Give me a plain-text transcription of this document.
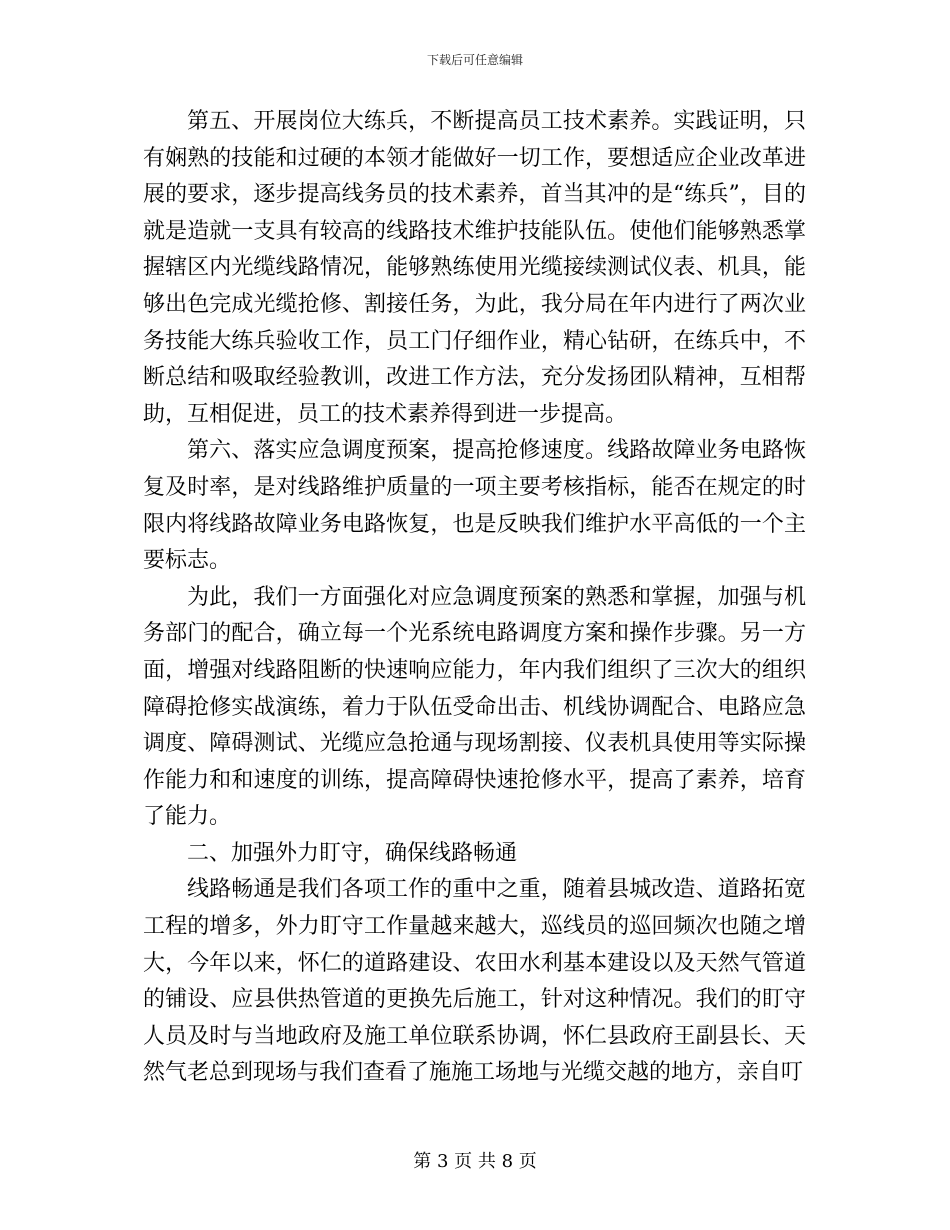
下载后可任意编辑

第五、开展岗位大练兵，不断提高员工技术素养。实践证明，只有娴熟的技能和过硬的本领才能做好一切工作，要想适应企业改革进展的要求，逐步提高线务员的技术素养，首当其冲的是“练兵”，目的就是造就一支具有较高的线路技术维护技能队伍。使他们能够熟悉掌握辖区内光缆线路情况，能够熟练使用光缆接续测试仪表、机具，能够出色完成光缆抢修、割接任务，为此，我分局在年内进行了两次业务技能大练兵验收工作，员工门仔细作业，精心钻研，在练兵中，不断总结和吸取经验教训，改进工作方法，充分发扬团队精神，互相帮助，互相促进，员工的技术素养得到进一步提高。

第六、落实应急调度预案，提高抢修速度。线路故障业务电路恢复及时率，是对线路维护质量的一项主要考核指标，能否在规定的时限内将线路故障业务电路恢复，也是反映我们维护水平高低的一个主要标志。

为此，我们一方面强化对应急调度预案的熟悉和掌握，加强与机务部门的配合，确立每一个光系统电路调度方案和操作步骤。另一方面，增强对线路阻断的快速响应能力，年内我们组织了三次大的组织障碍抢修实战演练，着力于队伍受命出击、机线协调配合、电路应急调度、障碍测试、光缆应急抢通与现场割接、仪表机具使用等实际操作能力和和速度的训练，提高障碍快速抢修水平，提高了素养，培育了能力。

二、加强外力盯守，确保线路畅通

线路畅通是我们各项工作的重中之重，随着县城改造、道路拓宽工程的增多，外力盯守工作量越来越大，巡线员的巡回频次也随之增大，今年以来，怀仁的道路建设、农田水利基本建设以及天然气管道的铺设、应县供热管道的更换先后施工，针对这种情况。我们的盯守人员及时与当地政府及施工单位联系协调，怀仁县政府王副县长、天然气老总到现场与我们查看了施施工场地与光缆交越的地方，亲自叮

第 3 页 共 8 页
